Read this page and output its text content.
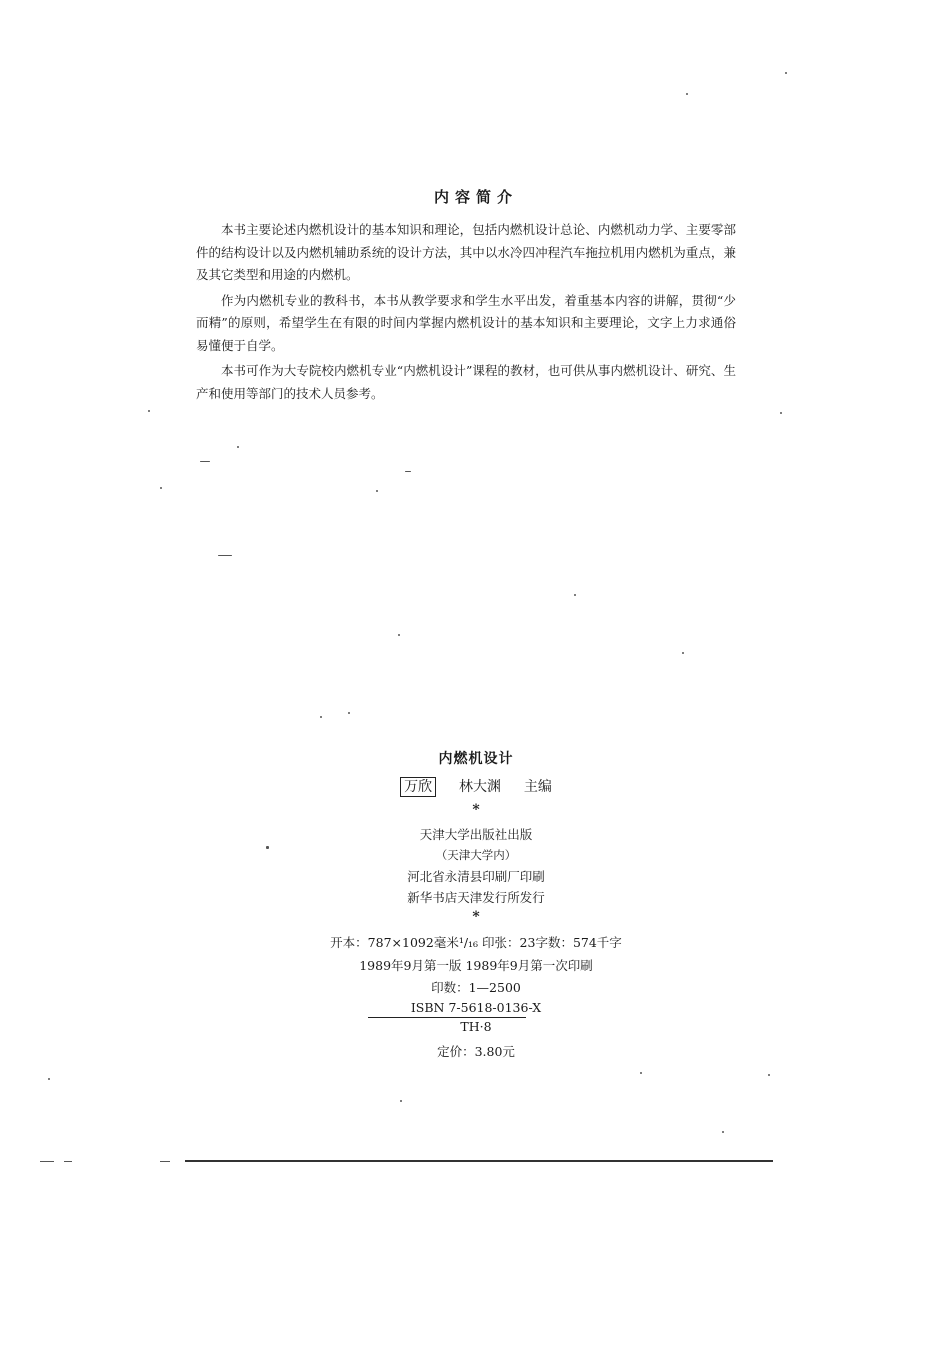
内容简介

本书主要论述内燃机设计的基本知识和理论，包括内燃机设计总论、内燃机动力学、主要零部件的结构设计以及内燃机辅助系统的设计方法，其中以水冷四冲程汽车拖拉机用内燃机为重点，兼及其它类型和用途的内燃机。

作为内燃机专业的教科书，本书从教学要求和学生水平出发，着重基本内容的讲解，贯彻“少而精”的原则，希望学生在有限的时间内掌握内燃机设计的基本知识和主要理论，文字上力求通俗易懂便于自学。

本书可作为大专院校内燃机专业“内燃机设计”课程的教材，也可供从事内燃机设计、研究、生产和使用等部门的技术人员参考。

内燃机设计
万欣 林大渊 主编
*
天津大学出版社出版
（天津大学内）
河北省永清县印刷厂印刷
新华书店天津发行所发行
*
开本：787×1092毫米¹/₁₆ 印张：23字数：574千字
1989年9月第一版 1989年9月第一次印刷
印数：1—2500
ISBN 7-5618-0136-X
TH·8
定价：3.80元
